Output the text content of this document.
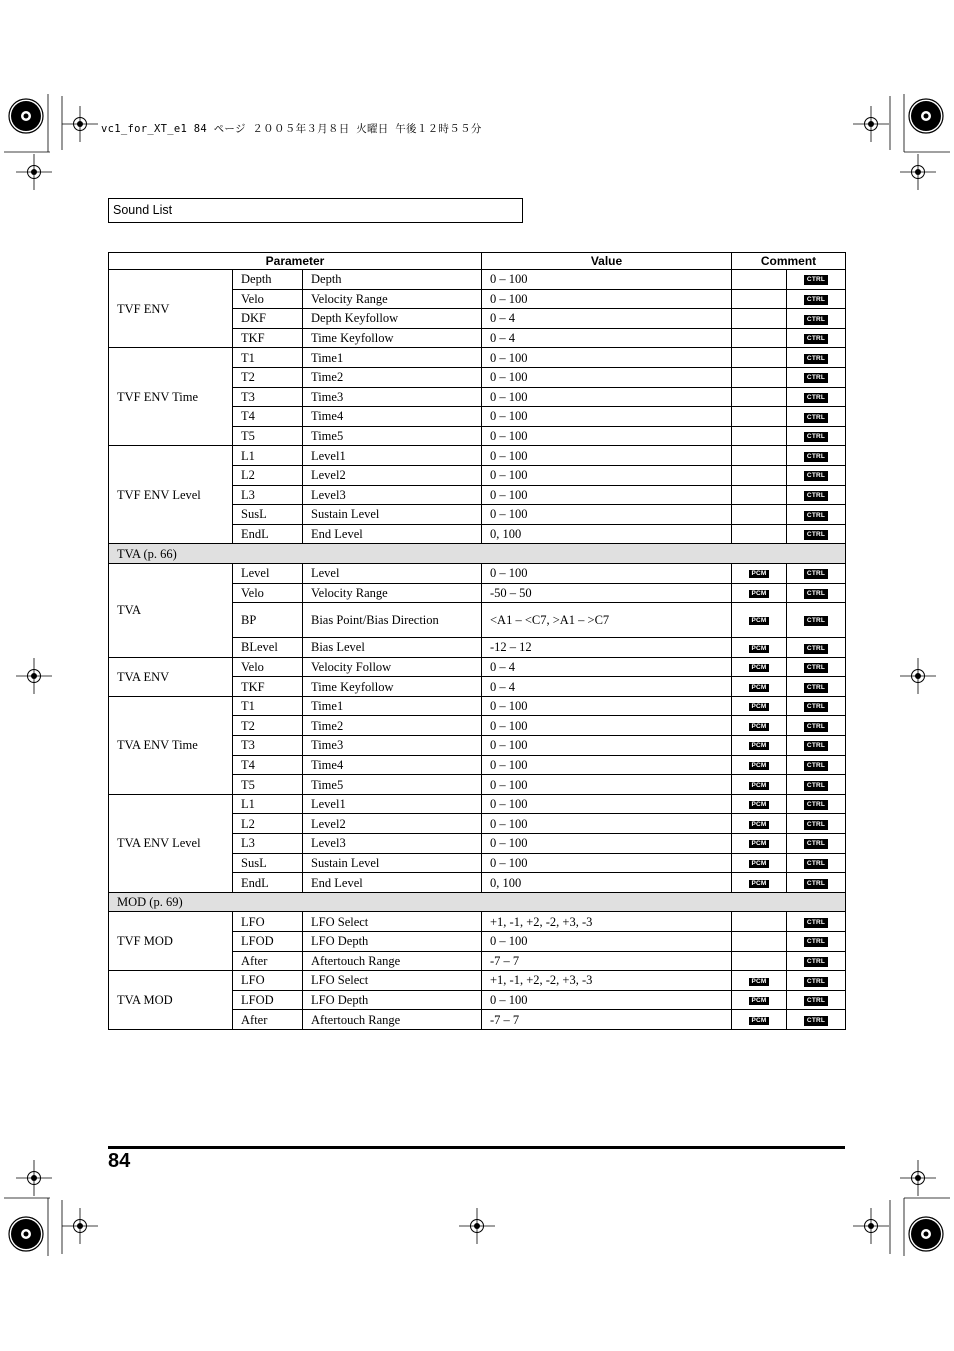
vc1_for_XT_e1 84 ページ ２００５年３月８日 火曜日 午後１２時５５分
Sound List
Parameter			Value	Comment	
TVF ENV	Depth	Depth	0 – 100		CTRL
	Velo	Velocity Range	0 – 100		CTRL
	DKF	Depth Keyfollow	0 – 4		CTRL
	TKF	Time Keyfollow	0 – 4		CTRL
TVF ENV Time	T1	Time1	0 – 100		CTRL
	T2	Time2	0 – 100		CTRL
	T3	Time3	0 – 100		CTRL
	T4	Time4	0 – 100		CTRL
	T5	Time5	0 – 100		CTRL
TVF ENV Level	L1	Level1	0 – 100		CTRL
	L2	Level2	0 – 100		CTRL
	L3	Level3	0 – 100		CTRL
	SusL	Sustain Level	0 – 100		CTRL
	EndL	End Level	0, 100		CTRL
TVA (p. 66)					
TVA	Level	Level	0 – 100	PCM	CTRL
	Velo	Velocity Range	-50 – 50	PCM	CTRL
	BP	Bias Point/Bias Direction	<A1 – <C7, >A1 – >C7	PCM	CTRL
	BLevel	Bias Level	-12 – 12	PCM	CTRL
TVA ENV	Velo	Velocity Follow	0 – 4	PCM	CTRL
	TKF	Time Keyfollow	0 – 4	PCM	CTRL
TVA ENV Time	T1	Time1	0 – 100	PCM	CTRL
	T2	Time2	0 – 100	PCM	CTRL
	T3	Time3	0 – 100	PCM	CTRL
	T4	Time4	0 – 100	PCM	CTRL
	T5	Time5	0 – 100	PCM	CTRL
TVA ENV Level	L1	Level1	0 – 100	PCM	CTRL
	L2	Level2	0 – 100	PCM	CTRL
	L3	Level3	0 – 100	PCM	CTRL
	SusL	Sustain Level	0 – 100	PCM	CTRL
	EndL	End Level	0, 100	PCM	CTRL
MOD (p. 69)					
TVF MOD	LFO	LFO Select	+1, -1, +2, -2, +3, -3		CTRL
	LFOD	LFO Depth	0 – 100		CTRL
	After	Aftertouch Range	-7 – 7		CTRL
TVA MOD	LFO	LFO Select	+1, -1, +2, -2, +3, -3	PCM	CTRL
	LFOD	LFO Depth	0 – 100	PCM	CTRL
	After	Aftertouch Range	-7 – 7	PCM	CTRL
84
